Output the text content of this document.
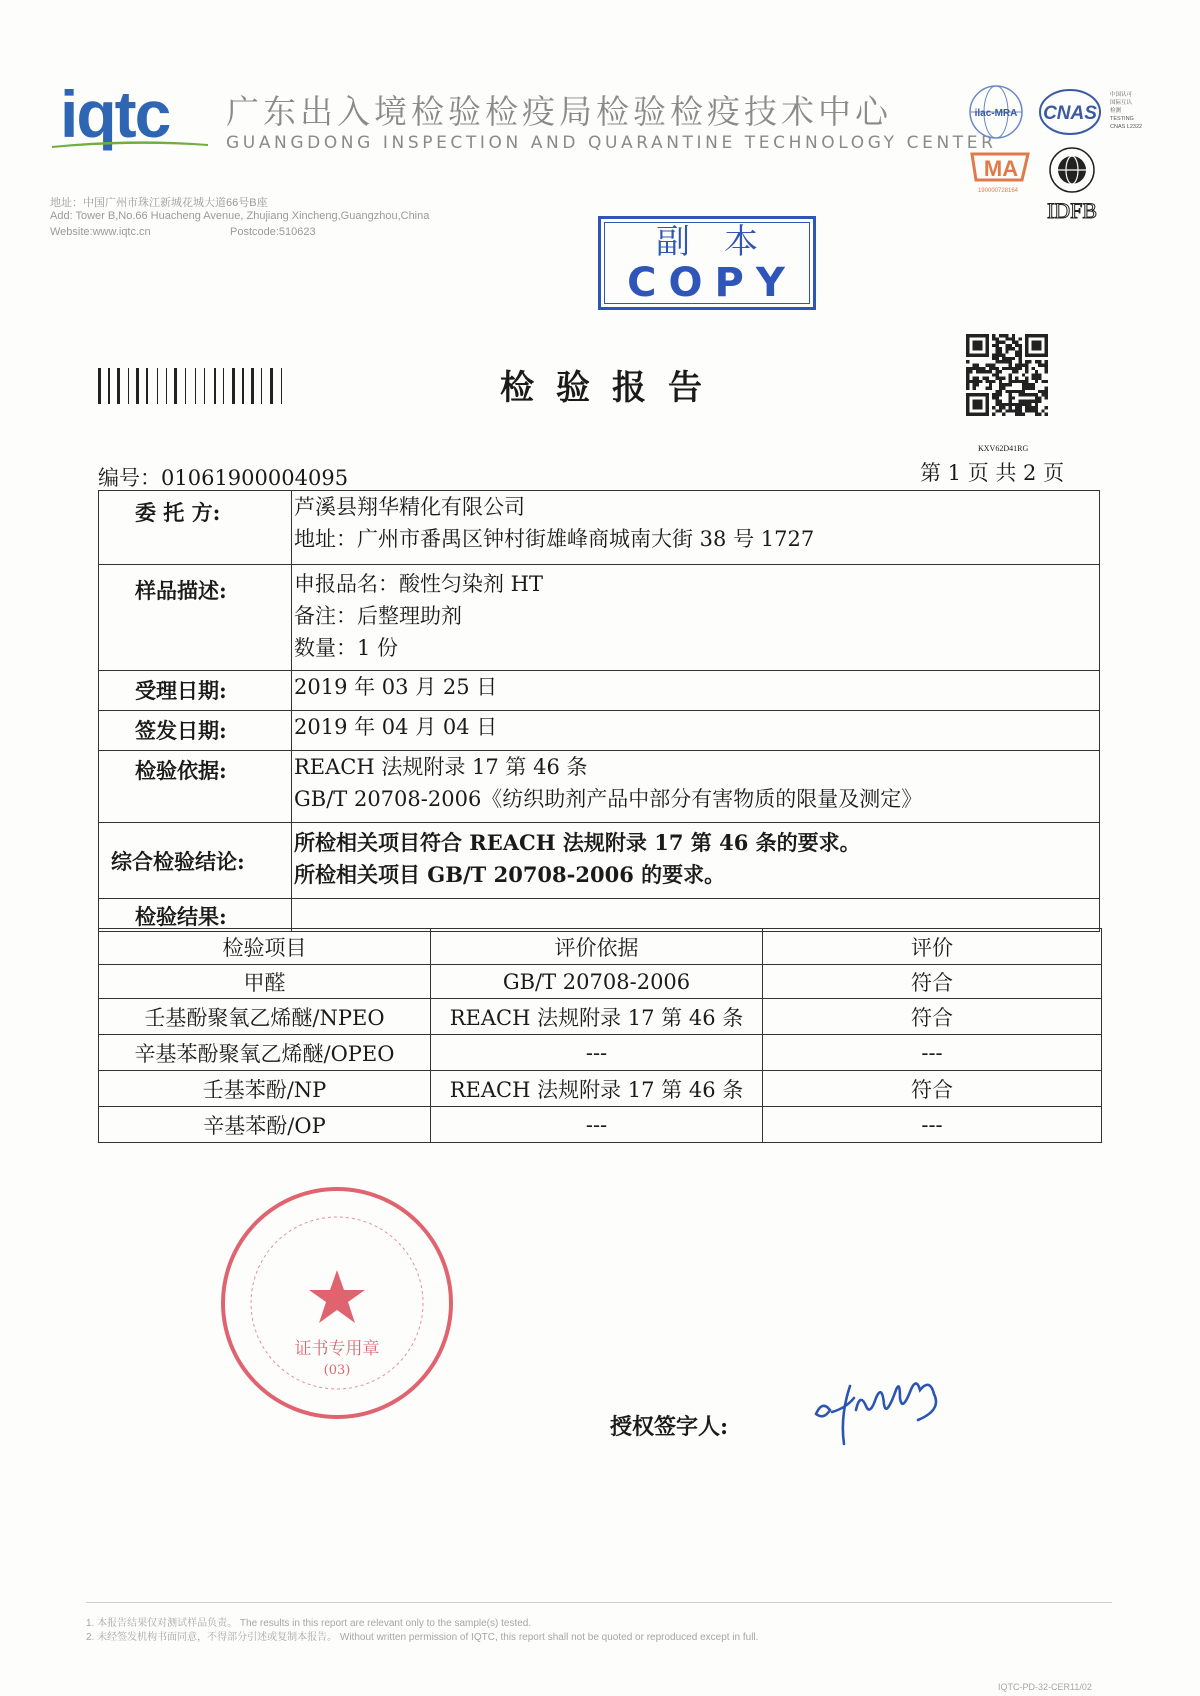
iqtc 广东出入境检验检疫局检验检疫技术中心
GUANGDONG INSPECTION AND QUARANTINE TECHNOLOGY CENTER
地址：中国广州市珠江新城花城大道66号B座
Add: Tower B,No.66 Huacheng Avenue, Zhujiang Xincheng,Guangzhou,China
Website:www.iqtc.cn	Postcode:510623
ilac-MRA CNAS
中国认可
国际互认
检测
TESTING
CNAS L2322
MA
190000728164
IDFB
副本
COPY
检验报告
KXV62D41RG
编号：01061900004095	第 1 页 共 2 页
委 托 方:	芦溪县翔华精化有限公司
地址：广州市番禺区钟村街雄峰商城南大街 38 号 1727

样品描述:	申报品名：酸性匀染剂 HT
备注：后整理助剂
数量：1 份

受理日期:	2019 年 03 月 25 日

签发日期:	2019 年 04 月 04 日

检验依据:	REACH 法规附录 17 第 46 条
GB/T 20708-2006《纺织助剂产品中部分有害物质的限量及测定》

综合检验结论:	所检相关项目符合 REACH 法规附录 17 第 46 条的要求。
所检相关项目 GB/T 20708-2006 的要求。

检验结果:	

检验项目	评价依据	评价
甲醛	GB/T 20708-2006	符合
壬基酚聚氧乙烯醚/NPEO	REACH 法规附录 17 第 46 条	符合
辛基苯酚聚氧乙烯醚/OPEO	---	---
壬基苯酚/NP	REACH 法规附录 17 第 46 条	符合
辛基苯酚/OP	---	---
证书专用章
(03)
授权签字人:
1. 本报告结果仅对测试样品负责。 The results in this report are relevant only to the sample(s) tested.
2. 未经签发机构书面同意，不得部分引述或复制本报告。 Without written permission of IQTC, this report shall not be quoted or reproduced except in full.
IQTC-PD-32-CER11/02
